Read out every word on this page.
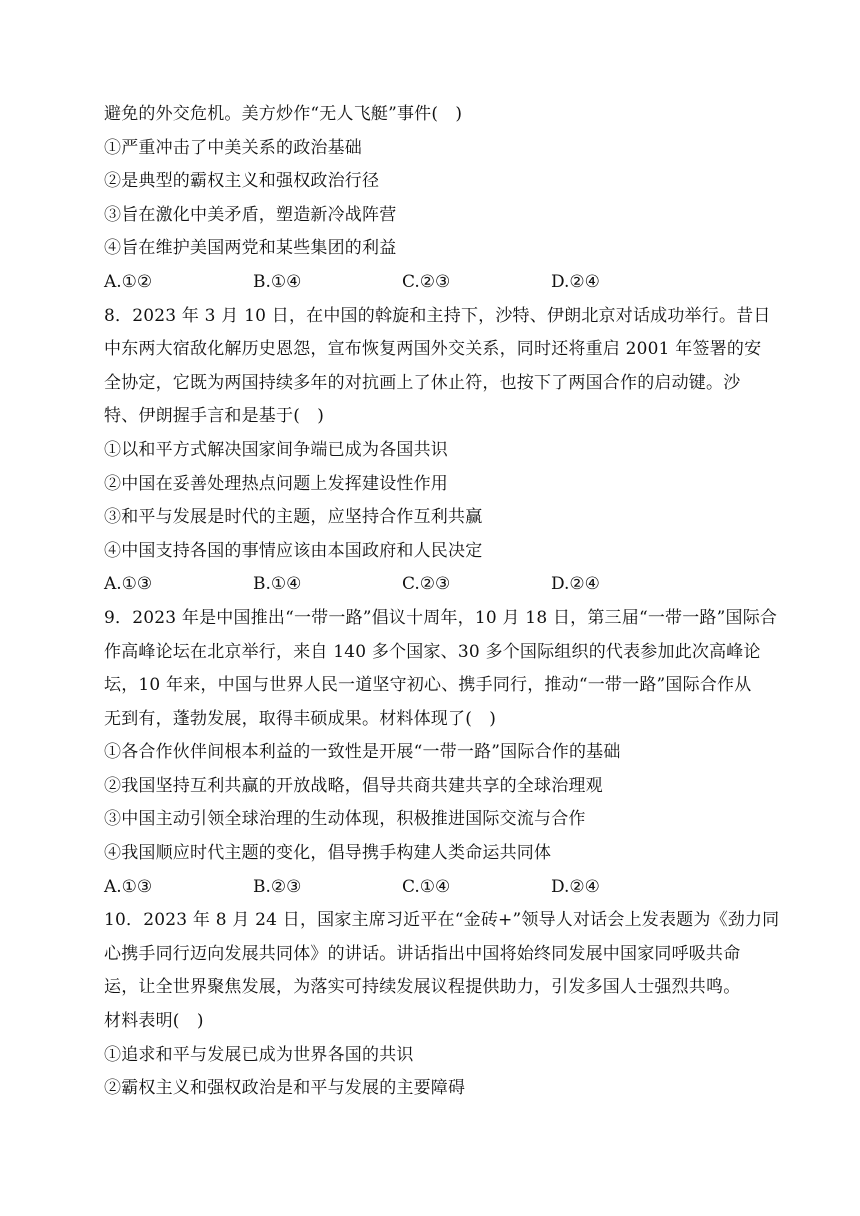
避免的外交危机。美方炒作“无人飞艇”事件(　)
①严重冲击了中美关系的政治基础
②是典型的霸权主义和强权政治行径
③旨在激化中美矛盾，塑造新冷战阵营
④旨在维护美国两党和某些集团的利益
A.①②	B.①④	C.②③	D.②④
8．2023 年 3 月 10 日，在中国的斡旋和主持下，沙特、伊朗北京对话成功举行。昔日
中东两大宿敌化解历史恩怨，宣布恢复两国外交关系，同时还将重启 2001 年签署的安
全协定，它既为两国持续多年的对抗画上了休止符，也按下了两国合作的启动键。沙
特、伊朗握手言和是基于(　)
①以和平方式解决国家间争端已成为各国共识
②中国在妥善处理热点问题上发挥建设性作用
③和平与发展是时代的主题，应坚持合作互利共赢
④中国支持各国的事情应该由本国政府和人民决定
A.①③	B.①④	C.②③	D.②④
9．2023 年是中国推出“一带一路”倡议十周年，10 月 18 日，第三届“一带一路”国际合
作高峰论坛在北京举行，来自 140 多个国家、30 多个国际组织的代表参加此次高峰论
坛，10 年来，中国与世界人民一道坚守初心、携手同行，推动“一带一路”国际合作从
无到有，蓬勃发展，取得丰硕成果。材料体现了(　)
①各合作伙伴间根本利益的一致性是开展“一带一路”国际合作的基础
②我国坚持互利共赢的开放战略，倡导共商共建共享的全球治理观
③中国主动引领全球治理的生动体现，积极推进国际交流与合作
④我国顺应时代主题的变化，倡导携手构建人类命运共同体
A.①③	B.②③	C.①④	D.②④
10．2023 年 8 月 24 日，国家主席习近平在“金砖+”领导人对话会上发表题为《劲力同
心携手同行迈向发展共同体》的讲话。讲话指出中国将始终同发展中国家同呼吸共命
运，让全世界聚焦发展，为落实可持续发展议程提供助力，引发多国人士强烈共鸣。
材料表明(　)
①追求和平与发展已成为世界各国的共识
②霸权主义和强权政治是和平与发展的主要障碍
